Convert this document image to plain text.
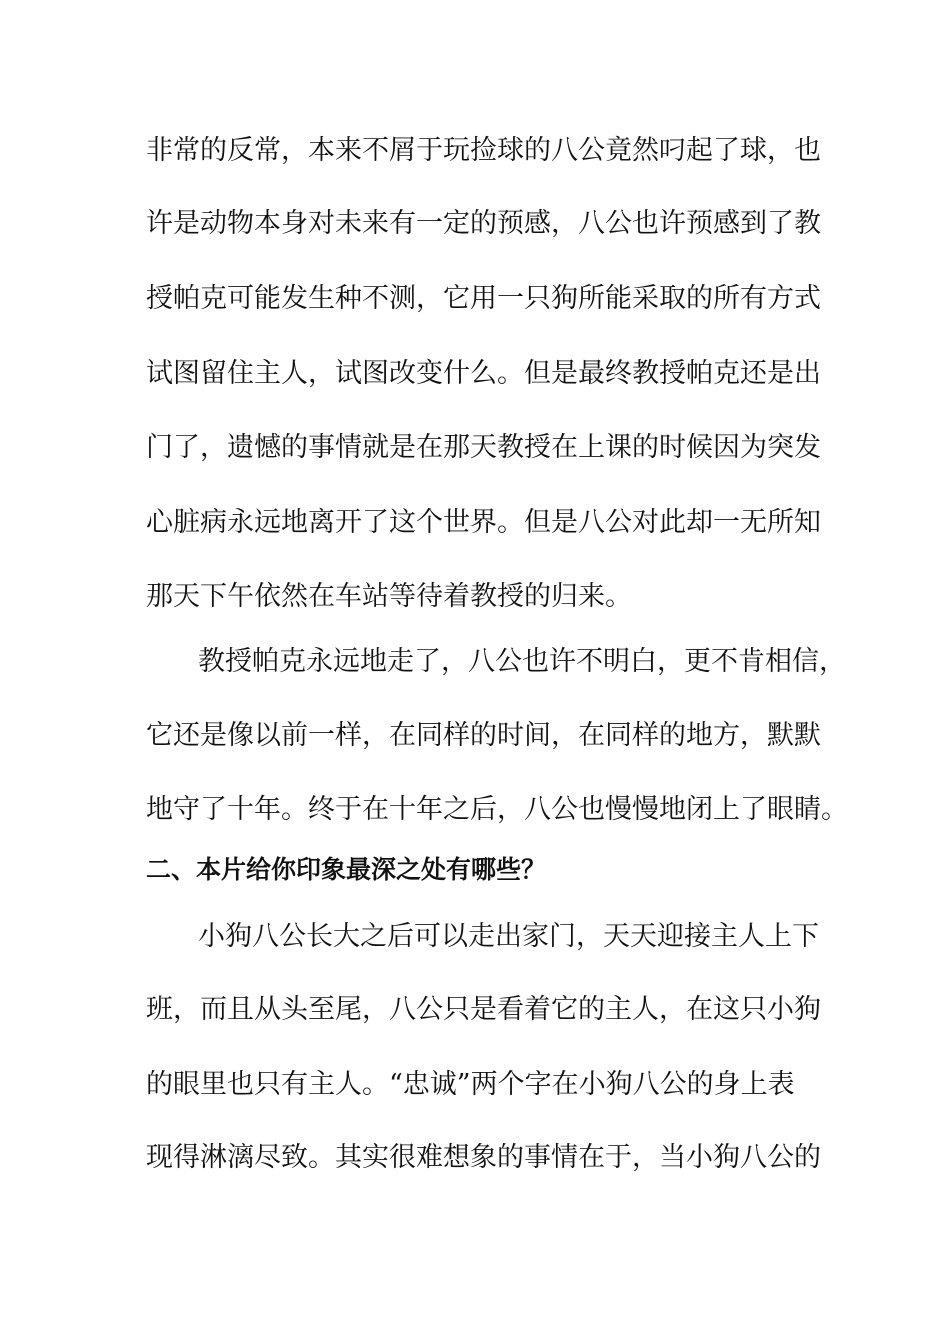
非常的反常，本来不屑于玩捡球的八公竟然叼起了球，也
许是动物本身对未来有一定的预感，八公也许预感到了教
授帕克可能发生种不测，它用一只狗所能采取的所有方式
试图留住主人，试图改变什么。但是最终教授帕克还是出
门了，遗憾的事情就是在那天教授在上课的时候因为突发
心脏病永远地离开了这个世界。但是八公对此却一无所知
那天下午依然在车站等待着教授的归来。
教授帕克永远地走了，八公也许不明白，更不肯相信，
它还是像以前一样，在同样的时间，在同样的地方，默默
地守了十年。终于在十年之后，八公也慢慢地闭上了眼睛。
二、本片给你印象最深之处有哪些？
小狗八公长大之后可以走出家门，天天迎接主人上下
班，而且从头至尾，八公只是看着它的主人，在这只小狗
的眼里也只有主人。“忠诚”两个字在小狗八公的身上表
现得淋漓尽致。其实很难想象的事情在于，当小狗八公的
